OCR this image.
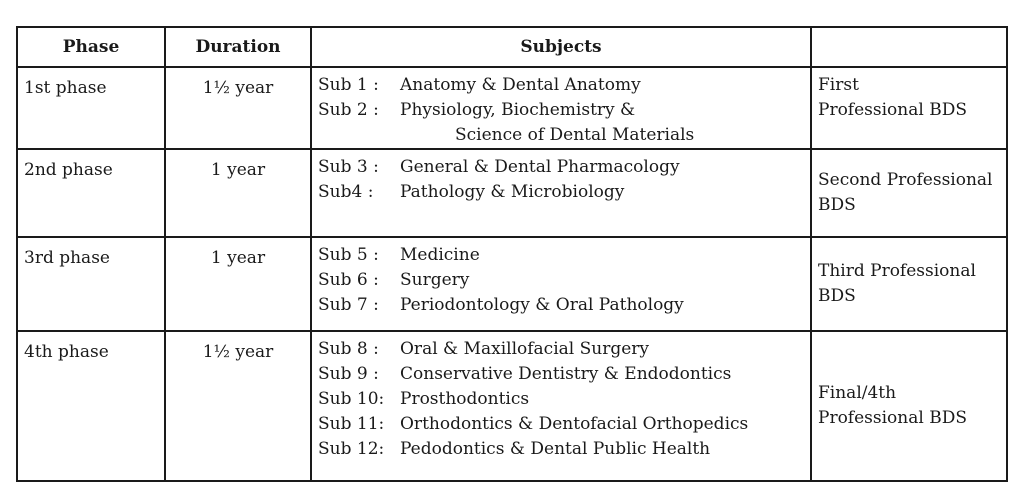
Phase	Duration	Subjects	
1st phase	1½ year	Sub 1 : Anatomy & Dental Anatomy
Sub 2 : Physiology, Biochemistry &
Science of Dental Materials	First
Professional BDS

2nd phase	1 year	Sub 3 : General & Dental Pharmacology
Sub4 : Pathology & Microbiology	Second Professional
BDS

3rd phase	1 year	Sub 5 : Medicine
Sub 6 : Surgery
Sub 7 : Periodontology & Oral Pathology	Third Professional
BDS

4th phase	1½ year	Sub 8 : Oral & Maxillofacial Surgery
Sub 9 : Conservative Dentistry & Endodontics
Sub 10: Prosthodontics
Sub 11: Orthodontics & Dentofacial Orthopedics
Sub 12: Pedodontics & Dental Public Health	Final/4th
Professional BDS
